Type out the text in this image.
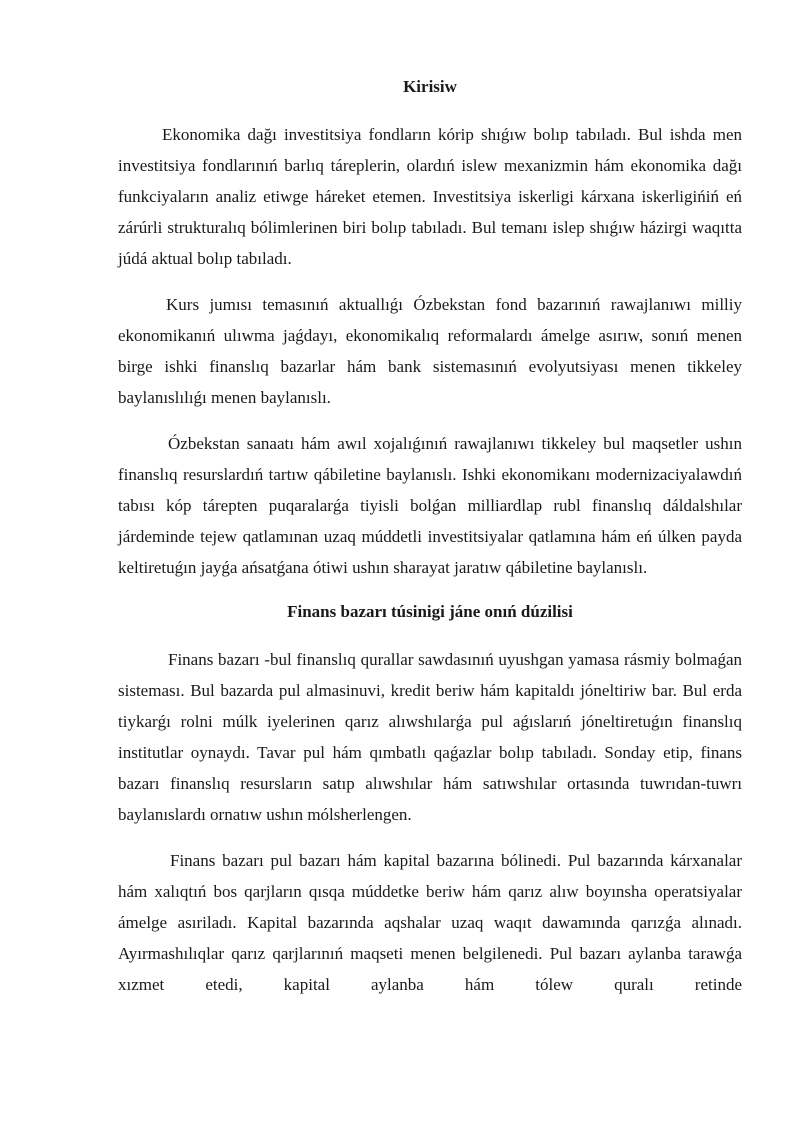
Kirisiw

Ekonomika dağı investitsiya fondların kórip shıǵıw bolıp tabıladı. Bul ishda men investitsiya fondlarınıń barlıq táreplerin, olardıń islew mexanizmin hám ekonomika dağı funkciyaların analiz etiwge háreket etemen. Investitsiya iskerligi kárxana iskerligińiń eń zárúrli strukturalıq bólimlerinen biri bolıp tabıladı. Bul temanı islep shıǵıw házirgi waqıtta júdá aktual bolıp tabıladı.

Kurs jumısı temasınıń aktuallıǵı Ózbekstan fond bazarınıń rawajlanıwı milliy ekonomikanıń ulıwma jaǵdayı, ekonomikalıq reformalardı ámelge asırıw, sonıń menen birge ishki finanslıq bazarlar hám bank sistemasınıń evolyutsiyası menen tikkeley baylanıslılıǵı menen baylanıslı.

Ózbekstan sanaatı hám awıl xojalıǵınıń rawajlanıwı tikkeley bul maqsetler ushın finanslıq resurslardıń tartıw qábiletine baylanıslı. Ishki ekonomikanı modernizaciyalawdıń tabısı kóp tárepten puqaralarǵa tiyisli bolǵan milliardlap rubl finanslıq dáldalshılar járdeminde tejew qatlamınan uzaq múddetli investitsiyalar qatlamına hám eń úlken payda keltiretuǵın jayǵa ańsatǵana ótiwi ushın sharayat jaratıw qábiletine baylanıslı.

Finans bazarı túsinigi jáne onıń dúzilisi

Finans bazarı -bul finanslıq qurallar sawdasınıń uyushgan yamasa rásmiy bolmaǵan sisteması. Bul bazarda pul almasinuvi, kredit beriw hám kapitaldı jóneltiriw bar. Bul erda tiykarǵı rolni múlk iyelerinen qarız alıwshılarǵa pul aǵıslarıń jóneltiretuǵın finanslıq institutlar oynaydı. Tavar pul hám qımbatlı qaǵazlar bolıp tabıladı. Sonday etip, finans bazarı finanslıq resursların satıp alıwshılar hám satıwshılar ortasında tuwrıdan-tuwrı baylanıslardı ornatıw ushın mólsherlengen.

Finans bazarı pul bazarı hám kapital bazarına bólinedi. Pul bazarında kárxanalar hám xalıqtıń bos qarjların qısqa múddetke beriw hám qarız alıw boyınsha operatsiyalar ámelge asıriladı. Kapital bazarında aqshalar uzaq waqıt dawamında qarızǵa alınadı. Ayırmashılıqlar qarız qarjlarınıń maqseti menen belgilenedi. Pul bazarı aylanba tarawǵa xızmet etedi, kapital aylanba hám tólew quralı retinde
